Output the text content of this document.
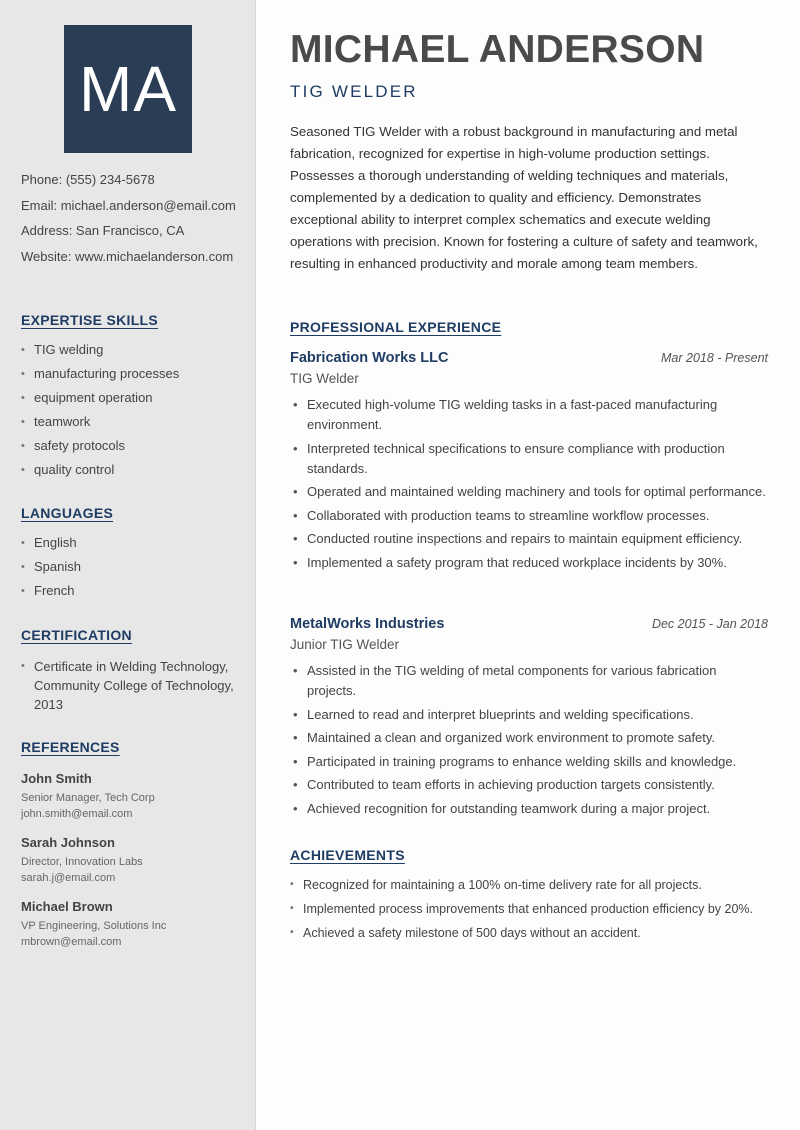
MA
Phone: (555) 234-5678
Email: michael.anderson@email.com
Address: San Francisco, CA
Website: www.michaelanderson.com
EXPERTISE SKILLS
• TIG welding
• manufacturing processes
• equipment operation
• teamwork
• safety protocols
• quality control
LANGUAGES
• English
• Spanish
• French
CERTIFICATION
• Certificate in Welding Technology, Community College of Technology, 2013
REFERENCES
John Smith
Senior Manager, Tech Corp
john.smith@email.com
Sarah Johnson
Director, Innovation Labs
sarah.j@email.com
Michael Brown
VP Engineering, Solutions Inc
mbrown@email.com
MICHAEL ANDERSON
TIG WELDER

Seasoned TIG Welder with a robust background in manufacturing and metal fabrication, recognized for expertise in high-volume production settings. Possesses a thorough understanding of welding techniques and materials, complemented by a dedication to quality and efficiency. Demonstrates exceptional ability to interpret complex schematics and execute welding operations with precision. Known for fostering a culture of safety and teamwork, resulting in enhanced productivity and morale among team members.

PROFESSIONAL EXPERIENCE
Fabrication Works LLC	Mar 2018 - Present
TIG Welder
• Executed high-volume TIG welding tasks in a fast-paced manufacturing environment.
• Interpreted technical specifications to ensure compliance with production standards.
• Operated and maintained welding machinery and tools for optimal performance.
• Collaborated with production teams to streamline workflow processes.
• Conducted routine inspections and repairs to maintain equipment efficiency.
• Implemented a safety program that reduced workplace incidents by 30%.
MetalWorks Industries	Dec 2015 - Jan 2018
Junior TIG Welder
• Assisted in the TIG welding of metal components for various fabrication projects.
• Learned to read and interpret blueprints and welding specifications.
• Maintained a clean and organized work environment to promote safety.
• Participated in training programs to enhance welding skills and knowledge.
• Contributed to team efforts in achieving production targets consistently.
• Achieved recognition for outstanding teamwork during a major project.
ACHIEVEMENTS
• Recognized for maintaining a 100% on-time delivery rate for all projects.
• Implemented process improvements that enhanced production efficiency by 20%.
• Achieved a safety milestone of 500 days without an accident.
